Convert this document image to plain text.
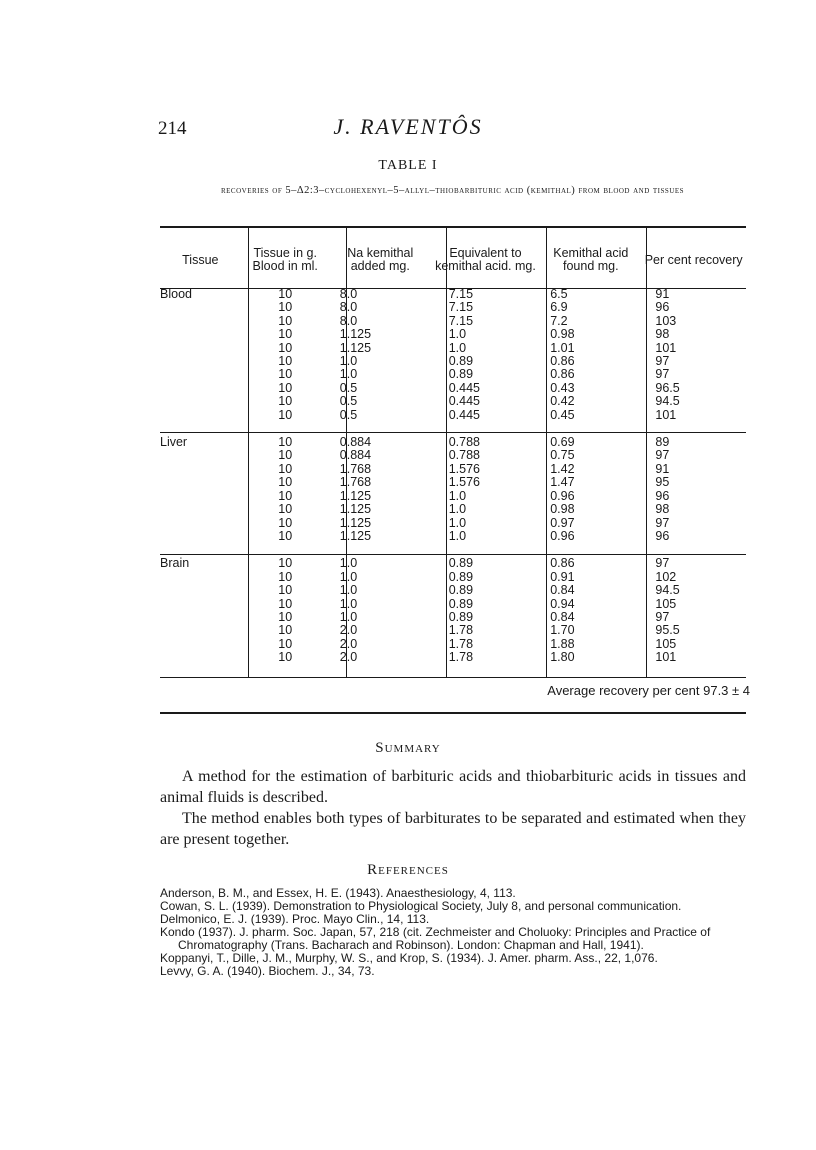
214	J. RAVENTÔS
TABLE I
recoveries of 5–Δ2:3–cyclohexenyl–5–allyl–thiobarbituric acid (kemithal) from blood and tissues
Tissue	Tissue in g. Blood in ml.	Na kemithal added mg.	Equivalent to kemithal acid. mg.	Kemithal acid found mg.	Per cent recovery
Blood	10	8.0	7.15	6.5	91
	10	8.0	7.15	6.9	96
	10	8.0	7.15	7.2	103
	10	1.125	1.0	0.98	98
	10	1.125	1.0	1.01	101
	10	1.0	0.89	0.86	97
	10	1.0	0.89	0.86	97
	10	0.5	0.445	0.43	96.5
	10	0.5	0.445	0.42	94.5
	10	0.5	0.445	0.45	101

Liver	10	0.884	0.788	0.69	89
	10	0.884	0.788	0.75	97
	10	1.768	1.576	1.42	91
	10	1.768	1.576	1.47	95
	10	1.125	1.0	0.96	96
	10	1.125	1.0	0.98	98
	10	1.125	1.0	0.97	97
	10	1.125	1.0	0.96	96

Brain	10	1.0	0.89	0.86	97
	10	1.0	0.89	0.91	102
	10	1.0	0.89	0.84	94.5
	10	1.0	0.89	0.94	105
	10	1.0	0.89	0.84	97
	10	2.0	1.78	1.70	95.5
	10	2.0	1.78	1.88	105
	10	2.0	1.78	1.80	101
Average recovery per cent 97.3 ± 4
Summary
A method for the estimation of barbituric acids and thiobarbituric acids in tissues and animal fluids is described.
The method enables both types of barbiturates to be separated and estimated when they are present together.
References

Anderson, B. M., and Essex, H. E. (1943). Anaesthesiology, 4, 113.

Cowan, S. L. (1939). Demonstration to Physiological Society, July 8, and personal communication.

Delmonico, E. J. (1939). Proc. Mayo Clin., 14, 113.

Kondo (1937). J. pharm. Soc. Japan, 57, 218 (cit. Zechmeister and Choluoky: Principles and Practice of Chromatography (Trans. Bacharach and Robinson). London: Chapman and Hall, 1941).

Koppanyi, T., Dille, J. M., Murphy, W. S., and Krop, S. (1934). J. Amer. pharm. Ass., 22, 1,076.

Levvy, G. A. (1940). Biochem. J., 34, 73.
